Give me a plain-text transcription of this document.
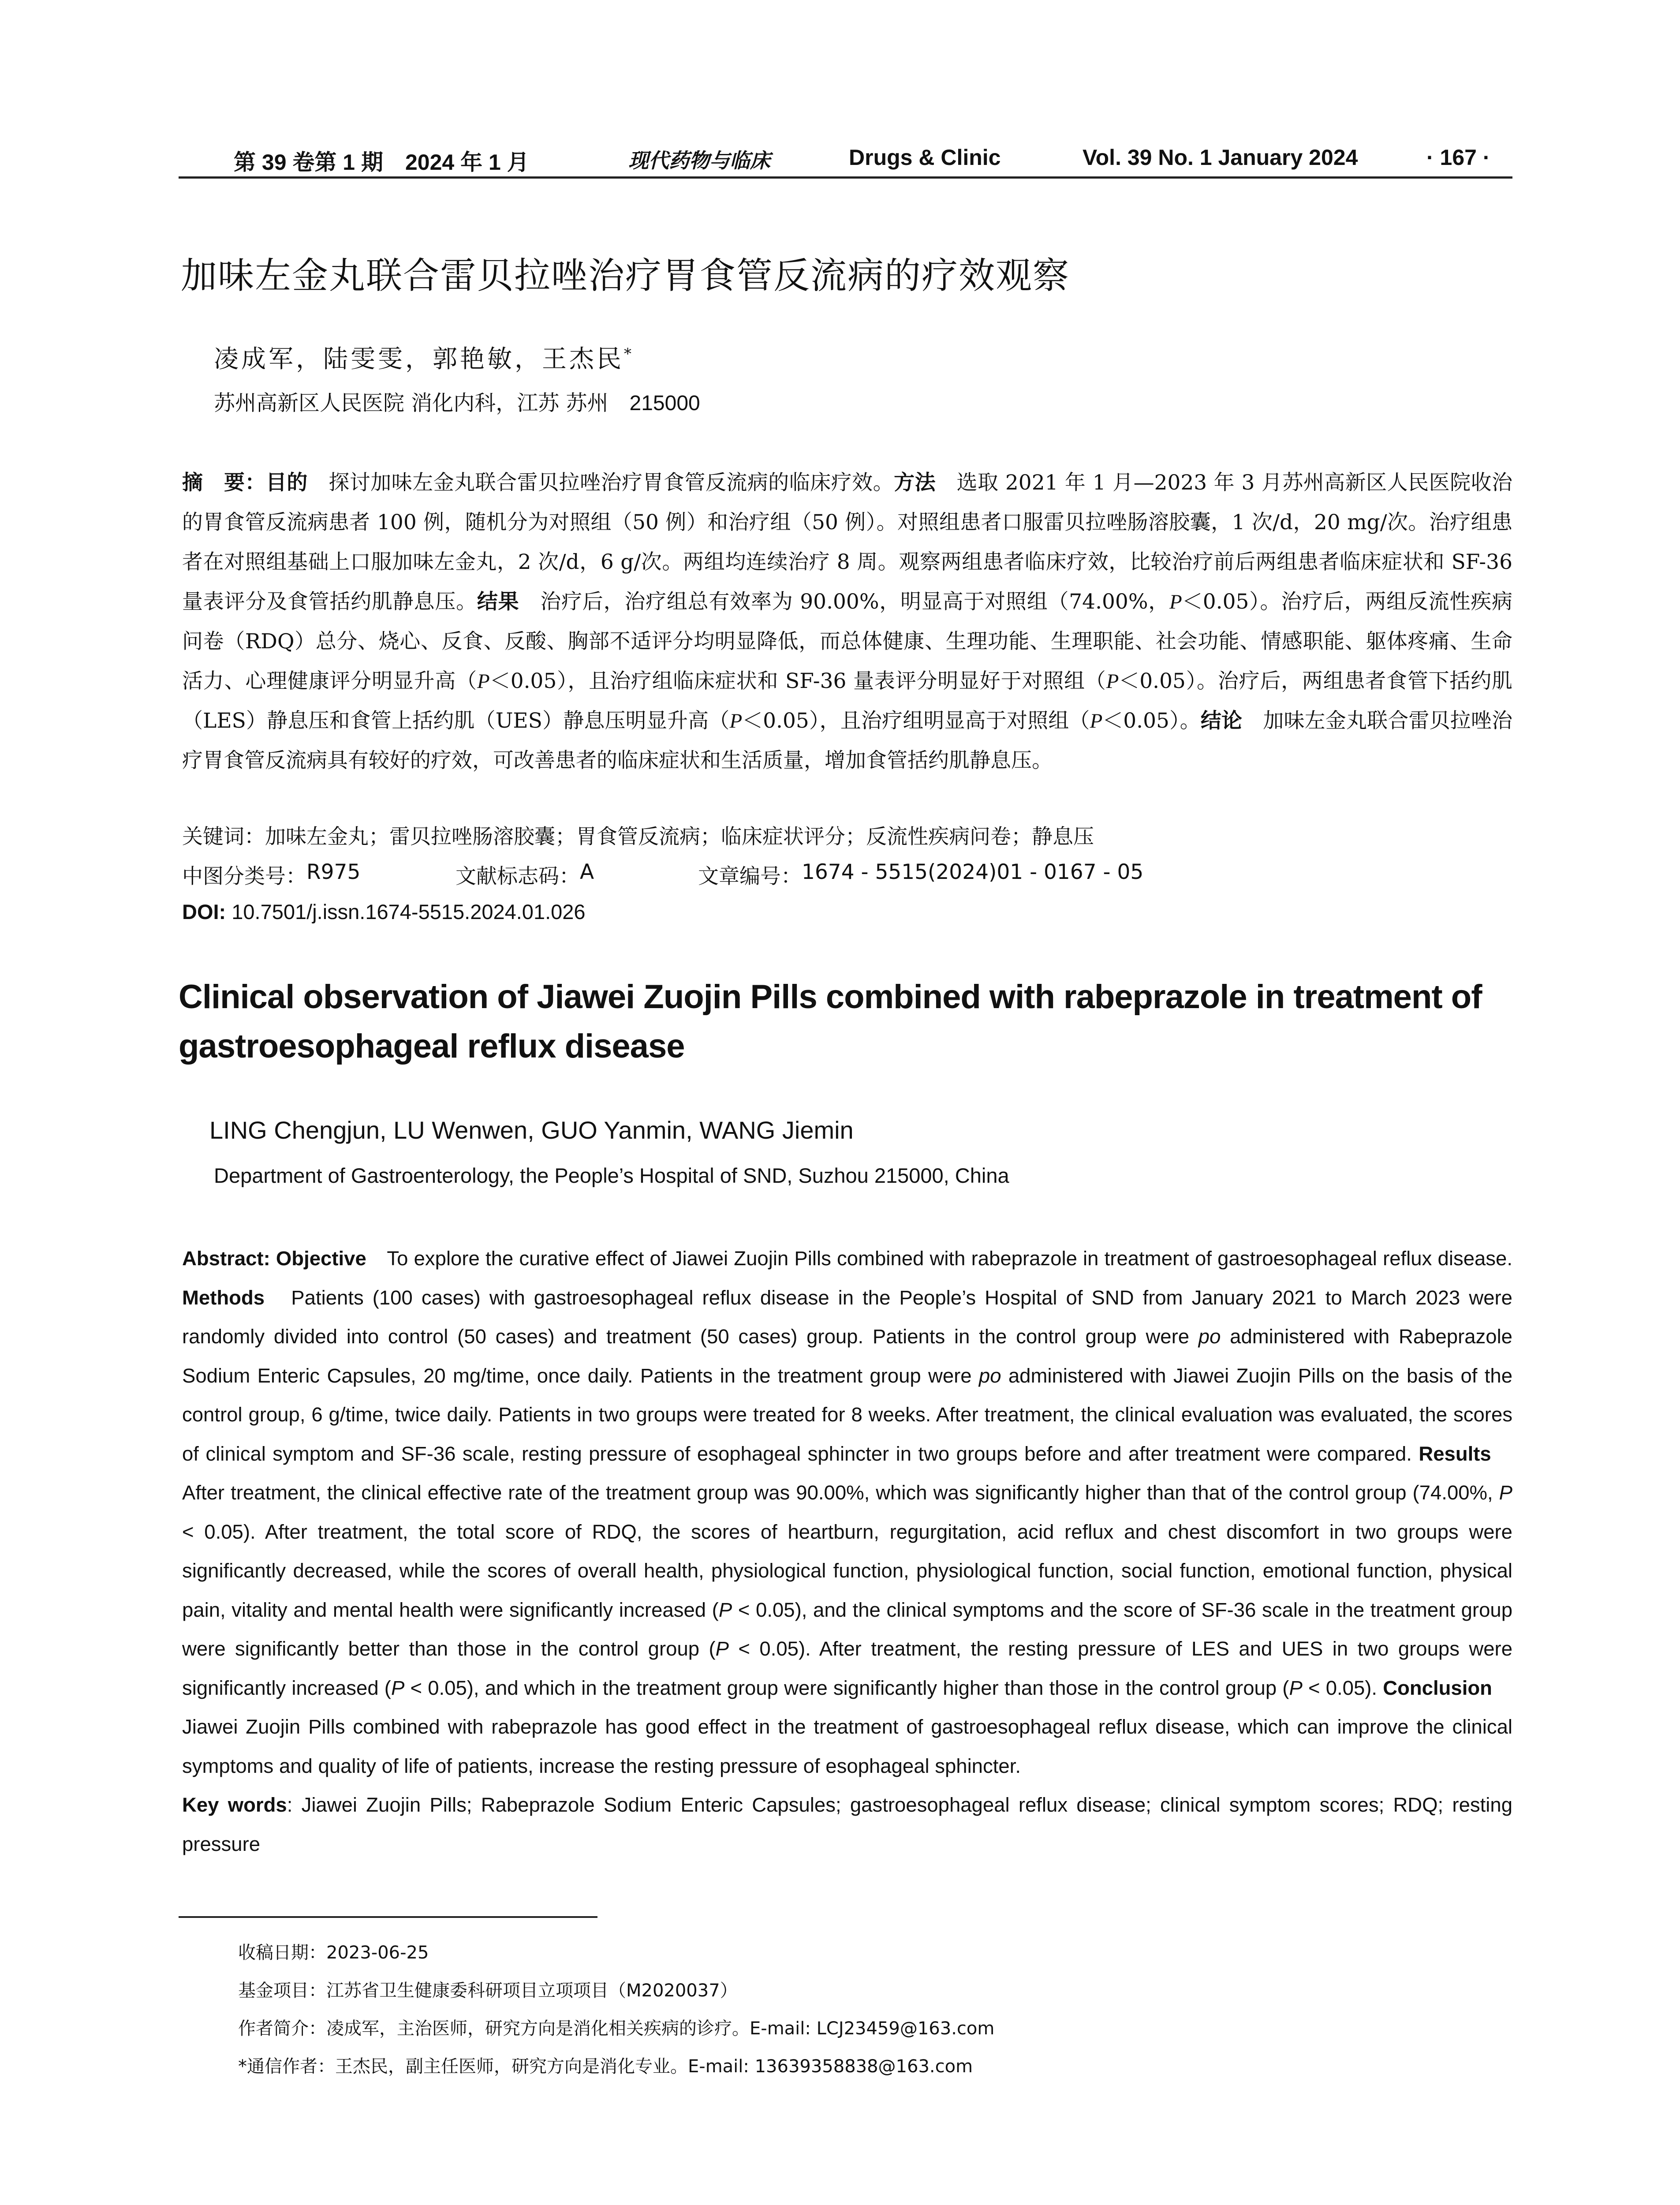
第 39 卷第 1 期　2024 年 1 月	现代药物与临床	Drugs & Clinic	Vol. 39 No. 1 January 2024	· 167 ·
加味左金丸联合雷贝拉唑治疗胃食管反流病的疗效观察
凌成军，陆雯雯，郭艳敏，王杰民*
苏州高新区人民医院 消化内科，江苏 苏州 215000
摘　要：目的　探讨加味左金丸联合雷贝拉唑治疗胃食管反流病的临床疗效。方法　选取 2021 年 1 月—2023 年 3 月苏州高新区人民医院收治的胃食管反流病患者 100 例，随机分为对照组（50 例）和治疗组（50 例）。对照组患者口服雷贝拉唑肠溶胶囊，1 次/d，20 mg/次。治疗组患者在对照组基础上口服加味左金丸，2 次/d，6 g/次。两组均连续治疗 8 周。观察两组患者临床疗效，比较治疗前后两组患者临床症状和 SF-36 量表评分及食管括约肌静息压。结果　治疗后，治疗组总有效率为 90.00%，明显高于对照组（74.00%，P＜0.05）。治疗后，两组反流性疾病问卷（RDQ）总分、烧心、反食、反酸、胸部不适评分均明显降低，而总体健康、生理功能、生理职能、社会功能、情感职能、躯体疼痛、生命活力、心理健康评分明显升高（P＜0.05），且治疗组临床症状和 SF-36 量表评分明显好于对照组（P＜0.05）。治疗后，两组患者食管下括约肌（LES）静息压和食管上括约肌（UES）静息压明显升高（P＜0.05），且治疗组明显高于对照组（P＜0.05）。结论　加味左金丸联合雷贝拉唑治疗胃食管反流病具有较好的疗效，可改善患者的临床症状和生活质量，增加食管括约肌静息压。
关键词：加味左金丸；雷贝拉唑肠溶胶囊；胃食管反流病；临床症状评分；反流性疾病问卷；静息压
中图分类号： R975	文献标志码： A	文章编号： 1674 - 5515(2024)01 - 0167 - 05
DOI: 10.7501/j.issn.1674-5515.2024.01.026
Clinical observation of Jiawei Zuojin Pills combined with rabeprazole in treatment of gastroesophageal reflux disease
LING Chengjun, LU Wenwen, GUO Yanmin, WANG Jiemin
Department of Gastroenterology, the People’s Hospital of SND, Suzhou 215000, China
Abstract: Objective　To explore the curative effect of Jiawei Zuojin Pills combined with rabeprazole in treatment of gastroesophageal reflux disease. Methods　Patients (100 cases) with gastroesophageal reflux disease in the People’s Hospital of SND from January 2021 to March 2023 were randomly divided into control (50 cases) and treatment (50 cases) group. Patients in the control group were po administered with Rabeprazole Sodium Enteric Capsules, 20 mg/time, once daily. Patients in the treatment group were po administered with Jiawei Zuojin Pills on the basis of the control group, 6 g/time, twice daily. Patients in two groups were treated for 8 weeks. After treatment, the clinical evaluation was evaluated, the scores of clinical symptom and SF-36 scale, resting pressure of esophageal sphincter in two groups before and after treatment were compared. Results　After treatment, the clinical effective rate of the treatment group was 90.00%, which was significantly higher than that of the control group (74.00%, P < 0.05). After treatment, the total score of RDQ, the scores of heartburn, regurgitation, acid reflux and chest discomfort in two groups were significantly decreased, while the scores of overall health, physiological function, physiological function, social function, emotional function, physical pain, vitality and mental health were significantly increased (P < 0.05), and the clinical symptoms and the score of SF-36 scale in the treatment group were significantly better than those in the control group (P < 0.05). After treatment, the resting pressure of LES and UES in two groups were significantly increased (P < 0.05), and which in the treatment group were significantly higher than those in the control group (P < 0.05). Conclusion　Jiawei Zuojin Pills combined with rabeprazole has good effect in the treatment of gastroesophageal reflux disease, which can improve the clinical symptoms and quality of life of patients, increase the resting pressure of esophageal sphincter.
Key words: Jiawei Zuojin Pills; Rabeprazole Sodium Enteric Capsules; gastroesophageal reflux disease; clinical symptom scores; RDQ; resting pressure
收稿日期：2023-06-25
基金项目：江苏省卫生健康委科研项目立项项目（M2020037）
作者简介：凌成军，主治医师，研究方向是消化相关疾病的诊疗。E-mail: LCJ23459@163.com
*通信作者：王杰民，副主任医师，研究方向是消化专业。E-mail: 13639358838@163.com
